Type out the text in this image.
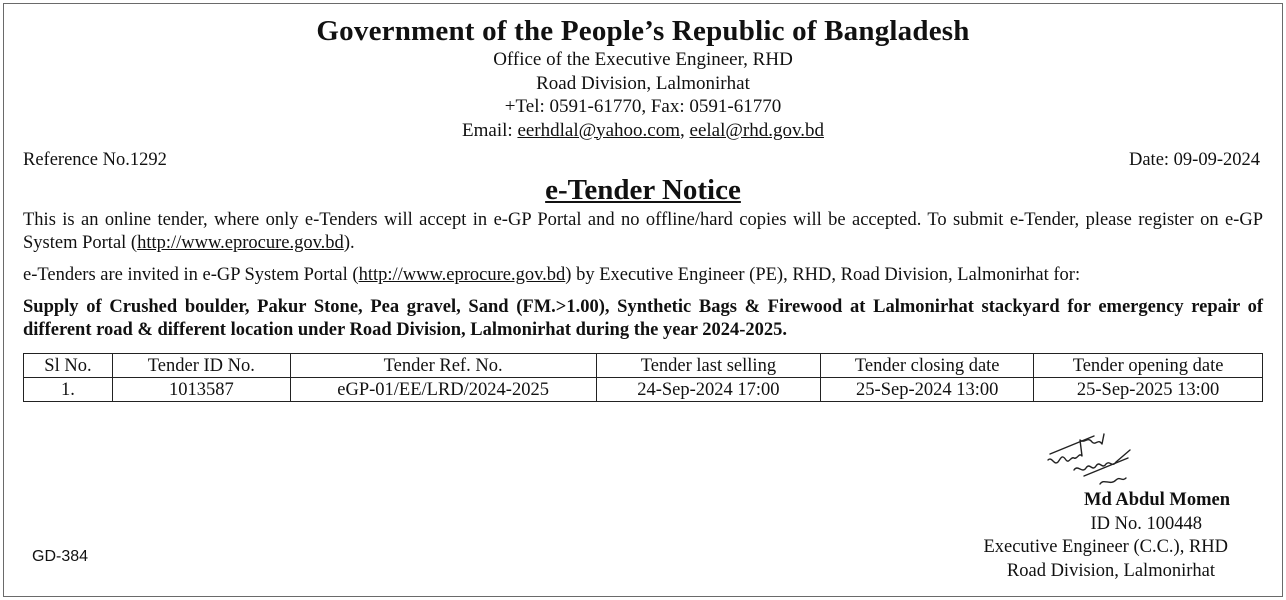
Government of the People’s Republic of Bangladesh
Office of the Executive Engineer, RHD
Road Division, Lalmonirhat
+Tel: 0591-61770, Fax: 0591-61770
Email: eerhdlal@yahoo.com, eelal@rhd.gov.bd
Reference No.1292	Date: 09-09-2024
e-Tender Notice
This is an online tender, where only e-Tenders will accept in e-GP Portal and no offline/hard copies will be accepted. To submit e-Tender, please register on e-GP System Portal (http://www.eprocure.gov.bd).
e-Tenders are invited in e-GP System Portal (http://www.eprocure.gov.bd) by Executive Engineer (PE), RHD, Road Division, Lalmonirhat for:
Supply of Crushed boulder, Pakur Stone, Pea gravel, Sand (FM.>1.00), Synthetic Bags & Firewood at Lalmonirhat stackyard for emergency repair of different road & different location under Road Division, Lalmonirhat during the year 2024-2025.
Sl No.	Tender ID No.	Tender Ref. No.	Tender last selling	Tender closing date	Tender opening date
1.	1013587	eGP-01/EE/LRD/2024-2025	24-Sep-2024 17:00	25-Sep-2024 13:00	25-Sep-2025 13:00
Md Abdul Momen
ID No. 100448
Executive Engineer (C.C.), RHD
Road Division, Lalmonirhat
GD-384
